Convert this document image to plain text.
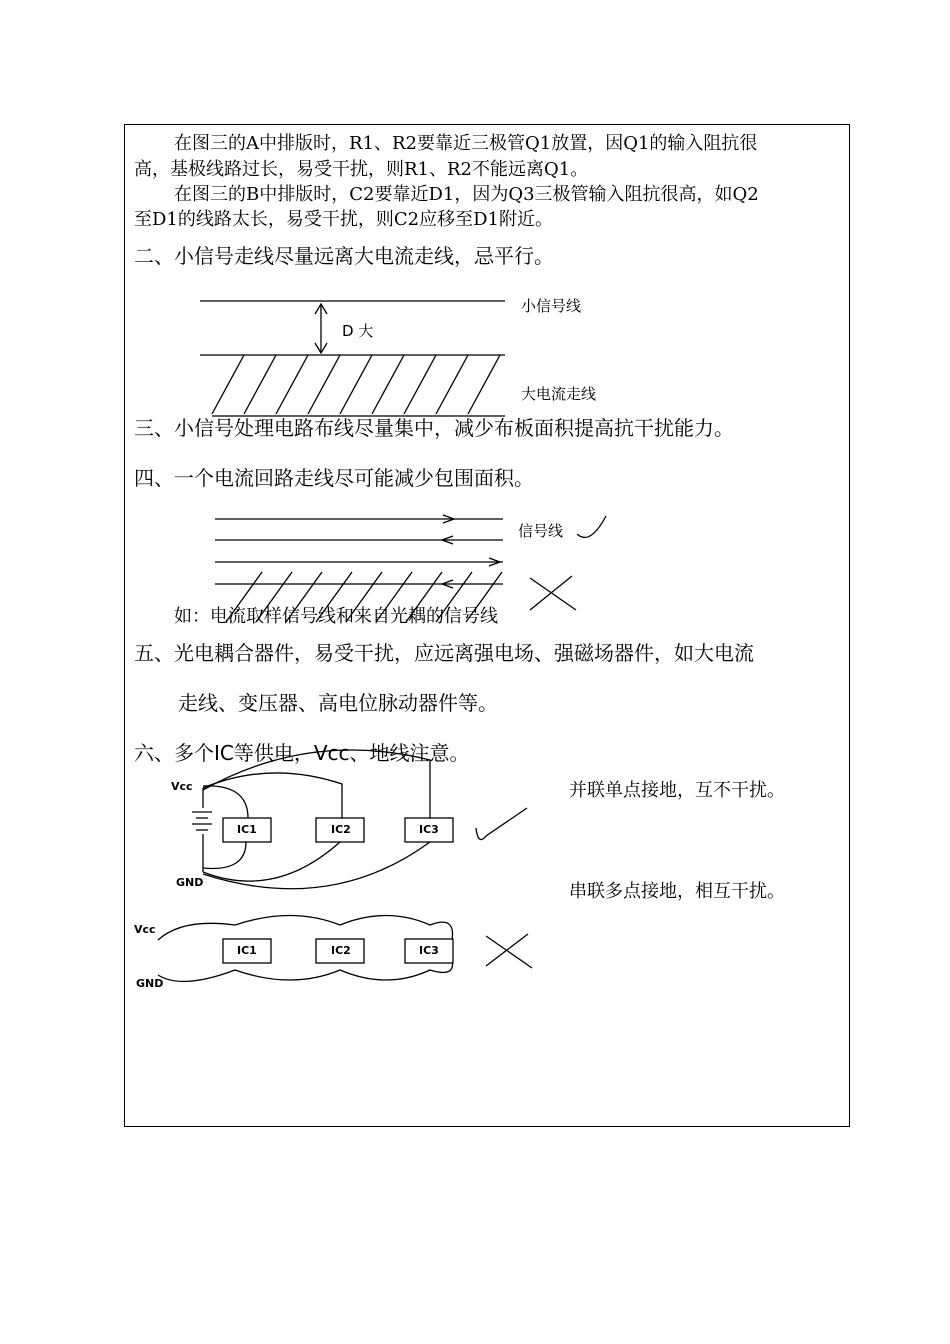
在图三的A中排版时，R1、R2要靠近三极管Q1放置，因Q1的输入阻抗很
高，基极线路过长，易受干扰，则R1、R2不能远离Q1。
在图三的B中排版时，C2要靠近D1，因为Q3三极管输入阻抗很高，如Q2
至D1的线路太长，易受干扰，则C2应移至D1附近。
二、小信号走线尽量远离大电流走线，忌平行。
三、小信号处理电路布线尽量集中，减少布板面积提高抗干扰能力。
四、一个电流回路走线尽可能减少包围面积。
五、光电耦合器件，易受干扰，应远离强电场、强磁场器件，如大电流
走线、变压器、高电位脉动器件等。
六、多个IC等供电，Vcc、地线注意。
小信号线
D 大
大电流走线
信号线
如：电流取样信号线和来自光耦的信号线
Vcc
GND
IC1	IC2	IC3
并联单点接地，互不干扰。
串联多点接地，相互干扰。
Vcc
GND
IC1	IC2	IC3
